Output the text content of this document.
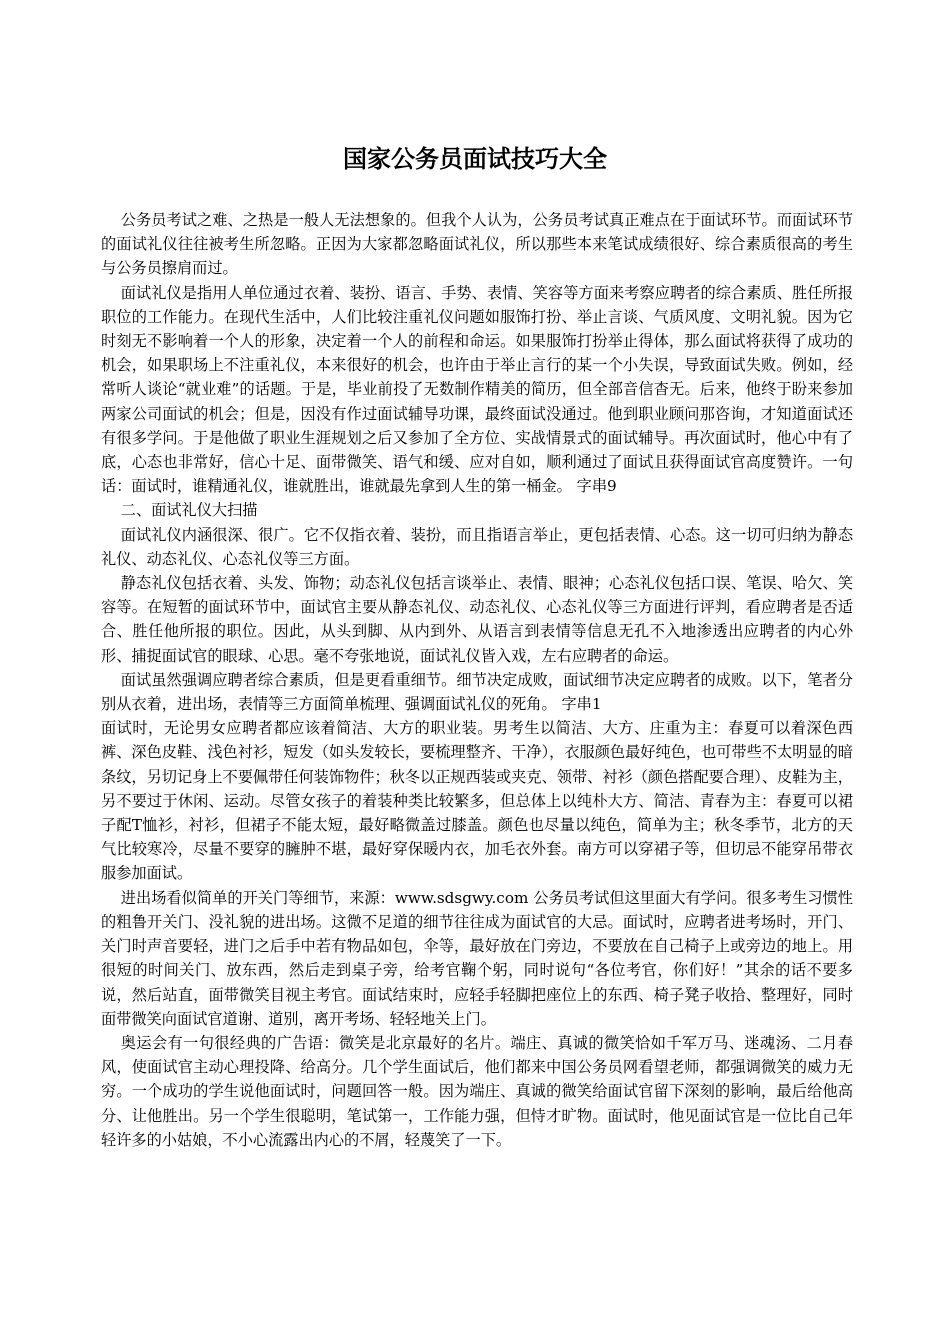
国家公务员面试技巧大全

公务员考试之难、之热是一般人无法想象的。但我个人认为，公务员考试真正难点在于面试环节。而面试环节的面试礼仪往往被考生所忽略。正因为大家都忽略面试礼仪，所以那些本来笔试成绩很好、综合素质很高的考生与公务员擦肩而过。

面试礼仪是指用人单位通过衣着、装扮、语言、手势、表情、笑容等方面来考察应聘者的综合素质、胜任所报职位的工作能力。在现代生活中，人们比较注重礼仪问题如服饰打扮、举止言谈、气质风度、文明礼貌。因为它时刻无不影响着一个人的形象，决定着一个人的前程和命运。如果服饰打扮举止得体，那么面试将获得了成功的机会，如果职场上不注重礼仪，本来很好的机会，也许由于举止言行的某一个小失误，导致面试失败。例如，经常听人谈论“就业难”的话题。于是，毕业前投了无数制作精美的简历，但全部音信杳无。后来，他终于盼来参加两家公司面试的机会；但是，因没有作过面试辅导功课，最终面试没通过。他到职业顾问那咨询，才知道面试还有很多学问。于是他做了职业生涯规划之后又参加了全方位、实战情景式的面试辅导。再次面试时，他心中有了底，心态也非常好，信心十足、面带微笑、语气和缓、应对自如，顺利通过了面试且获得面试官高度赞许。一句话：面试时，谁精通礼仪，谁就胜出，谁就最先拿到人生的第一桶金。 字串9

二、面试礼仪大扫描

面试礼仪内涵很深、很广。它不仅指衣着、装扮，而且指语言举止，更包括表情、心态。这一切可归纳为静态礼仪、动态礼仪、心态礼仪等三方面。

静态礼仪包括衣着、头发、饰物；动态礼仪包括言谈举止、表情、眼神；心态礼仪包括口误、笔误、哈欠、笑容等。在短暂的面试环节中，面试官主要从静态礼仪、动态礼仪、心态礼仪等三方面进行评判，看应聘者是否适合、胜任他所报的职位。因此，从头到脚、从内到外、从语言到表情等信息无孔不入地渗透出应聘者的内心外形、捕捉面试官的眼球、心思。毫不夸张地说，面试礼仪皆入戏，左右应聘者的命运。

面试虽然强调应聘者综合素质，但是更看重细节。细节决定成败，面试细节决定应聘者的成败。以下，笔者分别从衣着，进出场，表情等三方面简单梳理、强调面试礼仪的死角。 字串1

面试时，无论男女应聘者都应该着简洁、大方的职业装。男考生以简洁、大方、庄重为主：春夏可以着深色西裤、深色皮鞋、浅色衬衫，短发（如头发较长，要梳理整齐、干净），衣服颜色最好纯色，也可带些不太明显的暗条纹，另切记身上不要佩带任何装饰物件；秋冬以正规西装或夹克、领带、衬衫（颜色搭配要合理）、皮鞋为主，另不要过于休闲、运动。尽管女孩子的着装种类比较繁多，但总体上以纯朴大方、简洁、青春为主：春夏可以裙子配T恤衫，衬衫，但裙子不能太短，最好略微盖过膝盖。颜色也尽量以纯色，简单为主；秋冬季节，北方的天气比较寒冷，尽量不要穿的臃肿不堪，最好穿保暖内衣，加毛衣外套。南方可以穿裙子等，但切忌不能穿吊带衣服参加面试。

进出场看似简单的开关门等细节，来源：www.sdsgwy.com 公务员考试但这里面大有学问。很多考生习惯性的粗鲁开关门、没礼貌的进出场。这微不足道的细节往往成为面试官的大忌。面试时，应聘者进考场时，开门、关门时声音要轻，进门之后手中若有物品如包，伞等，最好放在门旁边，不要放在自己椅子上或旁边的地上。用很短的时间关门、放东西，然后走到桌子旁，给考官鞠个躬，同时说句“各位考官，你们好！”其余的话不要多说，然后站直，面带微笑目视主考官。面试结束时，应轻手轻脚把座位上的东西、椅子凳子收拾、整理好，同时面带微笑向面试官道谢、道别，离开考场、轻轻地关上门。

奥运会有一句很经典的广告语：微笑是北京最好的名片。端庄、真诚的微笑恰如千军万马、迷魂汤、二月春风，使面试官主动心理投降、给高分。几个学生面试后，他们都来中国公务员网看望老师，都强调微笑的威力无穷。一个成功的学生说他面试时，问题回答一般。因为端庄、真诚的微笑给面试官留下深刻的影响，最后给他高分、让他胜出。另一个学生很聪明，笔试第一，工作能力强，但恃才旷物。面试时，他见面试官是一位比自己年轻许多的小姑娘，不小心流露出内心的不屑，轻蔑笑了一下。
